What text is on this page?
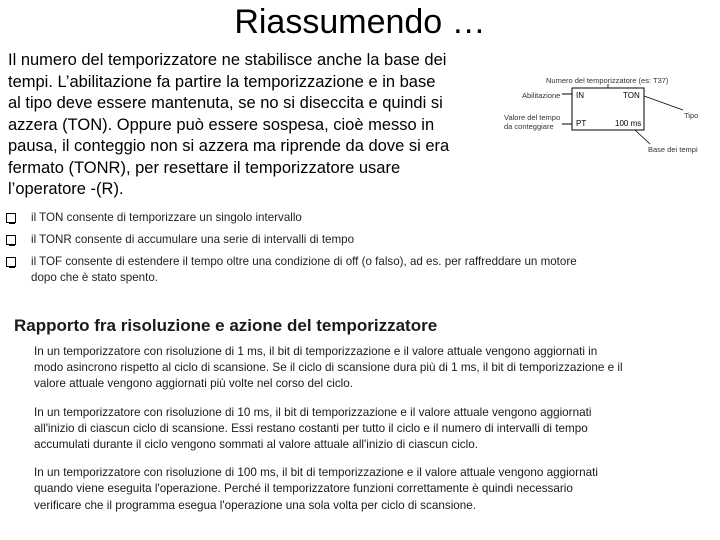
Riassumendo …
Il numero del temporizzatore ne stabilisce anche la base dei
tempi. L’abilitazione fa partire la temporizzazione e in base
al tipo deve essere mantenuta, se no si diseccita e quindi si
azzera (TON). Oppure può essere sospesa, cioè messo in
pausa, il conteggio non si azzera ma riprende da dove si era
fermato (TONR), per resettare il temporizzatore usare
l’operatore -(R).
Numero del temporizzatore (es: T37)
Abilitazione
Valore del tempo
da conteggiare
IN
PT
TON
100 ms
Tipo
Base dei tempi
il TON consente di temporizzare un singolo intervallo
il TONR consente di accumulare una serie di intervalli di tempo
il TOF consente di estendere il tempo oltre una condizione di off (o falso), ad es. per raffreddare un motore
dopo che è stato spento.
Rapporto fra risoluzione e azione del temporizzatore
In un temporizzatore con risoluzione di 1 ms, il bit di temporizzazione e il valore attuale vengono aggiornati in
modo asincrono rispetto al ciclo di scansione. Se il ciclo di scansione dura più di 1 ms, il bit di temporizzazione e il
valore attuale vengono aggiornati più volte nel corso del ciclo.
In un temporizzatore con risoluzione di 10 ms, il bit di temporizzazione e il valore attuale vengono aggiornati
all'inizio di ciascun ciclo di scansione. Essi restano costanti per tutto il ciclo e il numero di intervalli di tempo
accumulati durante il ciclo vengono sommati al valore attuale all'inizio di ciascun ciclo.
In un temporizzatore con risoluzione di 100 ms, il bit di temporizzazione e il valore attuale vengono aggiornati
quando viene eseguita l'operazione. Perché il temporizzatore funzioni correttamente è quindi necessario
verificare che il programma esegua l'operazione una sola volta per ciclo di scansione.
